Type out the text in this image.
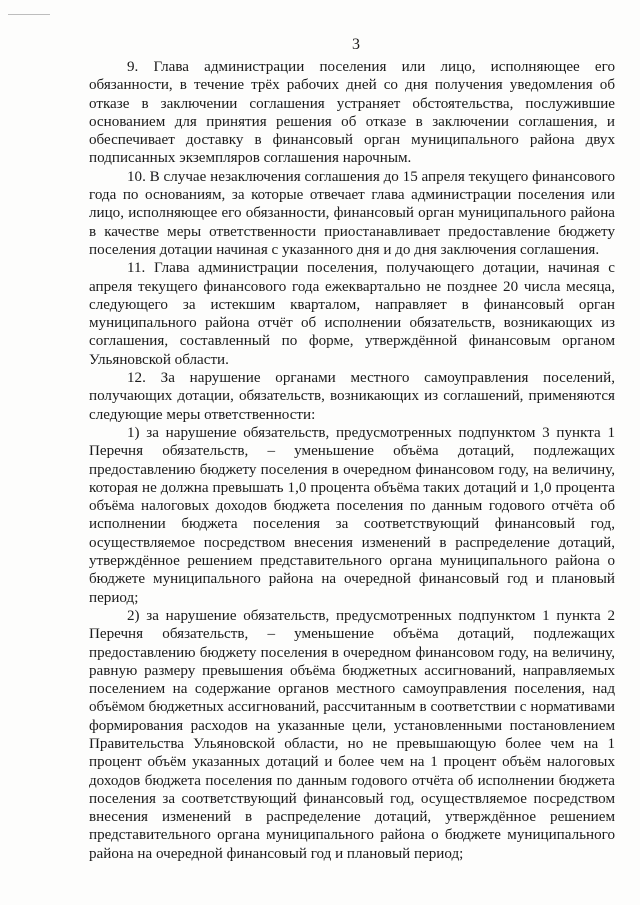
3

9. Глава администрации поселения или лицо, исполняющее его обязанности, в течение трёх рабочих дней со дня получения уведомления об отказе в заключении соглашения устраняет обстоятельства, послужившие основанием для принятия решения об отказе в заключении соглашения, и обеспечивает доставку в финансовый орган муниципального района двух подписанных экземпляров соглашения нарочным.

10. В случае незаключения соглашения до 15 апреля текущего финансового года по основаниям, за которые отвечает глава администрации поселения или лицо, исполняющее его обязанности, финансовый орган муниципального района в качестве меры ответственности приостанавливает предоставление бюджету поселения дотации начиная с указанного дня и до дня заключения соглашения.

11. Глава администрации поселения, получающего дотации, начиная с апреля текущего финансового года ежеквартально не позднее 20 числа месяца, следующего за истекшим кварталом, направляет в финансовый орган муниципального района отчёт об исполнении обязательств, возникающих из соглашения, составленный по форме, утверждённой финансовым органом Ульяновской области.

12. За нарушение органами местного самоуправления поселений, получающих дотации, обязательств, возникающих из соглашений, применяются следующие меры ответственности:

1) за нарушение обязательств, предусмотренных подпунктом 3 пункта 1 Перечня обязательств, – уменьшение объёма дотаций, подлежащих предоставлению бюджету поселения в очередном финансовом году, на величину, которая не должна превышать 1,0 процента объёма таких дотаций и 1,0 процента объёма налоговых доходов бюджета поселения по данным годового отчёта об исполнении бюджета поселения за соответствующий финансовый год, осуществляемое посредством внесения изменений в распределение дотаций, утверждённое решением представительного органа муниципального района о бюджете муниципального района на очередной финансовый год и плановый период;

2) за нарушение обязательств, предусмотренных подпунктом 1 пункта 2 Перечня обязательств, – уменьшение объёма дотаций, подлежащих предоставлению бюджету поселения в очередном финансовом году, на величину, равную размеру превышения объёма бюджетных ассигнований, направляемых поселением на содержание органов местного самоуправления поселения, над объёмом бюджетных ассигнований, рассчитанным в соответствии с нормативами формирования расходов на указанные цели, установленными постановлением Правительства Ульяновской области, но не превышающую более чем на 1 процент объём указанных дотаций и более чем на 1 процент объём налоговых доходов бюджета поселения по данным годового отчёта об исполнении бюджета поселения за соответствующий финансовый год, осуществляемое посредством внесения изменений в распределение дотаций, утверждённое решением представительного органа муниципального района о бюджете муниципального района на очередной финансовый год и плановый период;
